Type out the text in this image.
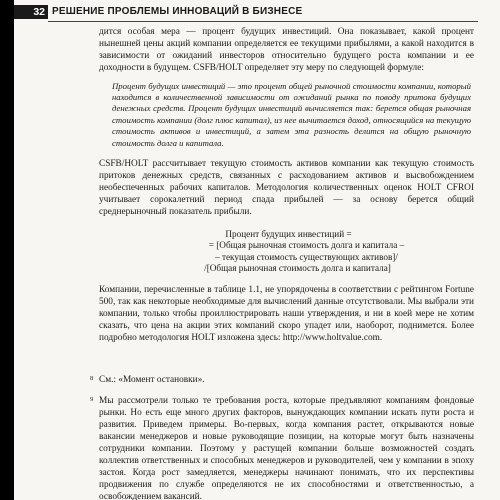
32 РЕШЕНИЕ ПРОБЛЕМЫ ИННОВАЦИЙ В БИЗНЕСЕ

дится особая мера — процент будущих инвестиций. Она показывает, какой процент нынешней цены акций компании определяется ее текущими прибылями, а какой находится в зависимости от ожиданий инвесторов относительно будущего роста компании и ее доходности в будущем. CSFB/HOLT определяет эту меру по следующей формуле:

Процент будущих инвестиций — это процент общей рыночной стоимости компании, который находится в количественной зависимости от ожиданий рынка по поводу притока будущих денежных средств. Процент будущих инвестиций вычисляется так: берется общая рыночная стоимость компании (долг плюс капитал), из нее вычитается доход, относящийся на текущую стоимость активов и инвестиций, а затем эта разность делится на общую рыночную стоимость долга и капитала.

CSFB/HOLT рассчитывает текущую стоимость активов компании как текущую стоимость притоков денежных средств, связанных с расходованием активов и высвобождением необеспеченных рабочих капиталов. Методология количественных оценок HOLT CFROI учитывает сорокалетний период спада прибылей — за основу берется общий среднерыночный показатель прибыли.

Процент будущих инвестиций =
= [Общая рыночная стоимость долга и капитала –
– текущая стоимость существующих активов]/
/[Общая рыночная стоимость долга и капитала]

Компании, перечисленные в таблице 1.1, не упорядочены в соответствии с рейтингом Fortune 500, так как некоторые необходимые для вычислений данные отсутствовали. Мы выбрали эти компании, только чтобы проиллюстрировать наши утверждения, и ни в коей мере не хотим сказать, что цена на акции этих компаний скоро упадет или, наоборот, поднимется. Более подробно методология HOLT изложена здесь: http://www.holtvalue.com.

8 См.: «Момент остановки».

9 Мы рассмотрели только те требования роста, которые предъявляют компаниям фондовые рынки. Но есть еще много других факторов, вынуждающих компании искать пути роста и развития. Приведем примеры. Во-первых, когда компания растет, открываются новые вакансии менеджеров и новые руководящие позиции, на которые могут быть назначены сотрудники компании. Поэтому у растущей компании больше возможностей создать коллектив ответственных и способных менеджеров и руководителей, чем у компании в эпоху застоя. Когда рост замедляется, менеджеры начинают понимать, что их перспективы продвижения по службе определяются не их способностями и ответственностью, а освобождением вакансий.
